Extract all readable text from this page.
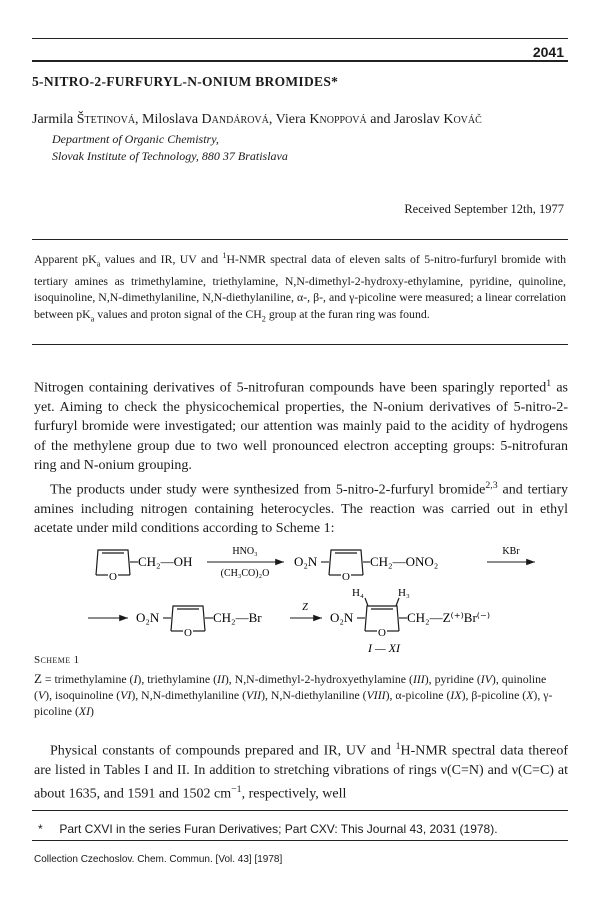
2041
5-NITRO-2-FURFURYL-N-ONIUM BROMIDES*
Jarmila Štetinová, Miloslava Dandárová, Viera Knoppová and Jaroslav Kováč
Department of Organic Chemistry,
Slovak Institute of Technology, 880 37 Bratislava
Received September 12th, 1977
Apparent $pK_a$ values and IR, UV and $^1$H-NMR spectral data of eleven salts of 5-nitro-furfuryl bromide with tertiary amines as trimethylamine, triethylamine, N,N-dimethyl-2-hydroxy-ethylamine, pyridine, quinoline, isoquinoline, N,N-dimethylaniline, N,N-diethylaniline, α-, β-, and γ-picoline were measured; a linear correlation between $pK_a$ values and proton signal of the $CH_2$ group at the furan ring was found.

Nitrogen containing derivatives of 5-nitrofuran compounds have been sparingly reported$^1$ as yet. Aiming to check the physicochemical properties, the N-onium derivatives of 5-nitro-2-furfuryl bromide were investigated; our attention was mainly paid to the acidity of hydrogens of the methylene group due to two well pronounced electron accepting groups: 5-nitrofuran ring and N-onium grouping.

The products under study were synthesized from 5-nitro-2-furfuryl bromide$^{2,3}$ and tertiary amines including nitrogen containing heterocycles. The reaction was carried out in ethyl acetate under mild conditions according to Scheme 1:

O
CH₂—OH
HNO₃
(CH₃CO)₂O
O₂N
O
CH₂—ONO₂
KBr
O₂N
O
CH₂—Br
Z
O₂N
H₄	H₃
O
CH₂—Z⁽⁺⁾Br⁽⁻⁾
I — XI
Scheme 1
Z = trimethylamine (I), triethylamine (II), N,N-dimethyl-2-hydroxyethylamine (III), pyridine (IV), quinoline (V), isoquinoline (VI), N,N-dimethylaniline (VII), N,N-diethylaniline (VIII), α-picoline (IX), β-picoline (X), γ-picoline (XI)

Physical constants of compounds prepared and IR, UV and $^1$H-NMR spectral data thereof are listed in Tables I and II. In addition to stretching vibrations of rings ν(C=N) and ν(C=C) at about 1635, and 1591 and 1502 $cm^{-1}$, respectively, well

* Part CXVI in the series Furan Derivatives; Part CXV: This Journal 43, 2031 (1978).
Collection Czechoslov. Chem. Commun. [Vol. 43] [1978]
